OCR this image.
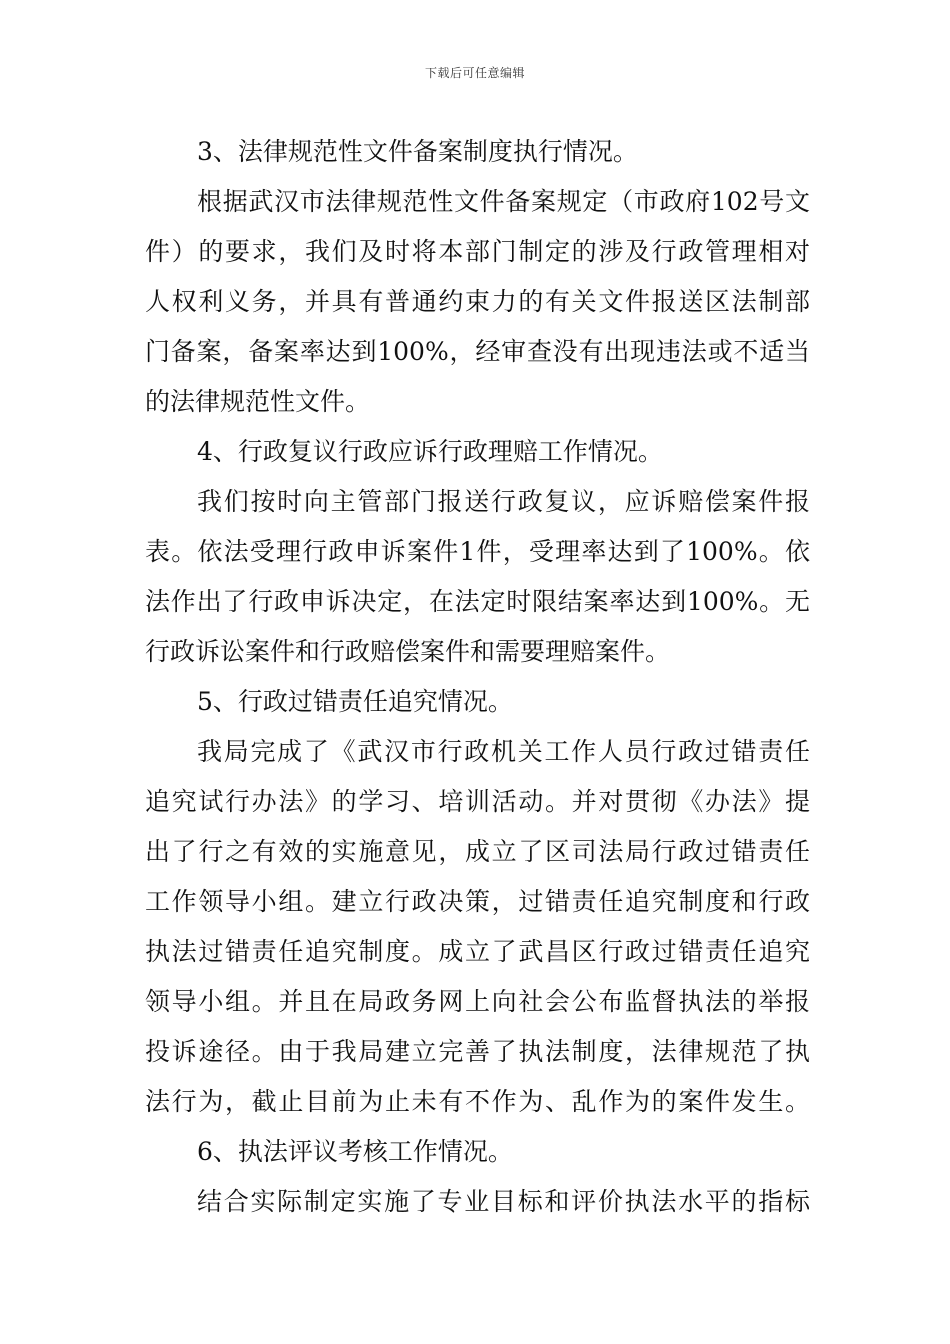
下载后可任意编辑
3、法律规范性文件备案制度执行情况。
根据武汉市法律规范性文件备案规定（市政府102号文
件）的要求，我们及时将本部门制定的涉及行政管理相对
人权利义务，并具有普通约束力的有关文件报送区法制部
门备案，备案率达到100%，经审查没有出现违法或不适当
的法律规范性文件。
4、行政复议行政应诉行政理赔工作情况。
我们按时向主管部门报送行政复议，应诉赔偿案件报
表。依法受理行政申诉案件1件，受理率达到了100%。依
法作出了行政申诉决定，在法定时限结案率达到100%。无
行政诉讼案件和行政赔偿案件和需要理赔案件。
5、行政过错责任追究情况。
我局完成了《武汉市行政机关工作人员行政过错责任
追究试行办法》的学习、培训活动。并对贯彻《办法》提
出了行之有效的实施意见，成立了区司法局行政过错责任
工作领导小组。建立行政决策，过错责任追究制度和行政
执法过错责任追究制度。成立了武昌区行政过错责任追究
领导小组。并且在局政务网上向社会公布监督执法的举报
投诉途径。由于我局建立完善了执法制度，法律规范了执
法行为，截止目前为止未有不作为、乱作为的案件发生。
6、执法评议考核工作情况。
结合实际制定实施了专业目标和评价执法水平的指标
